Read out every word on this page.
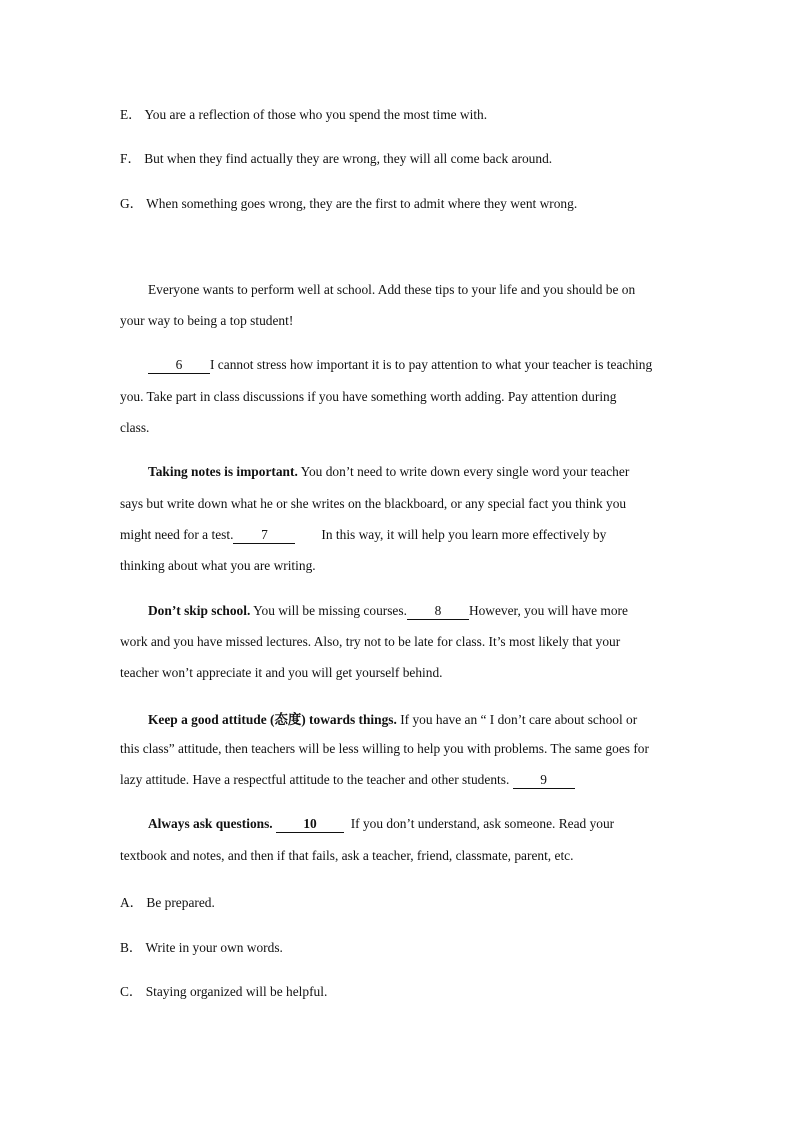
E． You are a reflection of those who you spend the most time with.
F． But when they find actually they are wrong, they will all come back around.
G． When something goes wrong, they are the first to admit where they went wrong.
Everyone wants to perform well at school. Add these tips to your life and you should be on
your way to being a top student!
6 I cannot stress how important it is to pay attention to what your teacher is teaching
you. Take part in class discussions if you have something worth adding. Pay attention during
class.
Taking notes is important. You don’t need to write down every single word your teacher
says but write down what he or she writes on the blackboard, or any special fact you think you
might need for a test. 7	In this way, it will help you learn more effectively by
thinking about what you are writing.
Don’t skip school. You will be missing courses. 8 However, you will have more
work and you have missed lectures. Also, try not to be late for class. It’s most likely that your
teacher won’t appreciate it and you will get yourself behind.
Keep a good attitude (态度) towards things. If you have an “ I don’t care about school or
this class” attitude, then teachers will be less willing to help you with problems. The same goes for
lazy attitude. Have a respectful attitude to the teacher and other students. 9
Always ask questions. 10	If you don’t understand, ask someone. Read your
textbook and notes, and then if that fails, ask a teacher, friend, classmate, parent, etc.
A． Be prepared.
B． Write in your own words.
C． Staying organized will be helpful.
